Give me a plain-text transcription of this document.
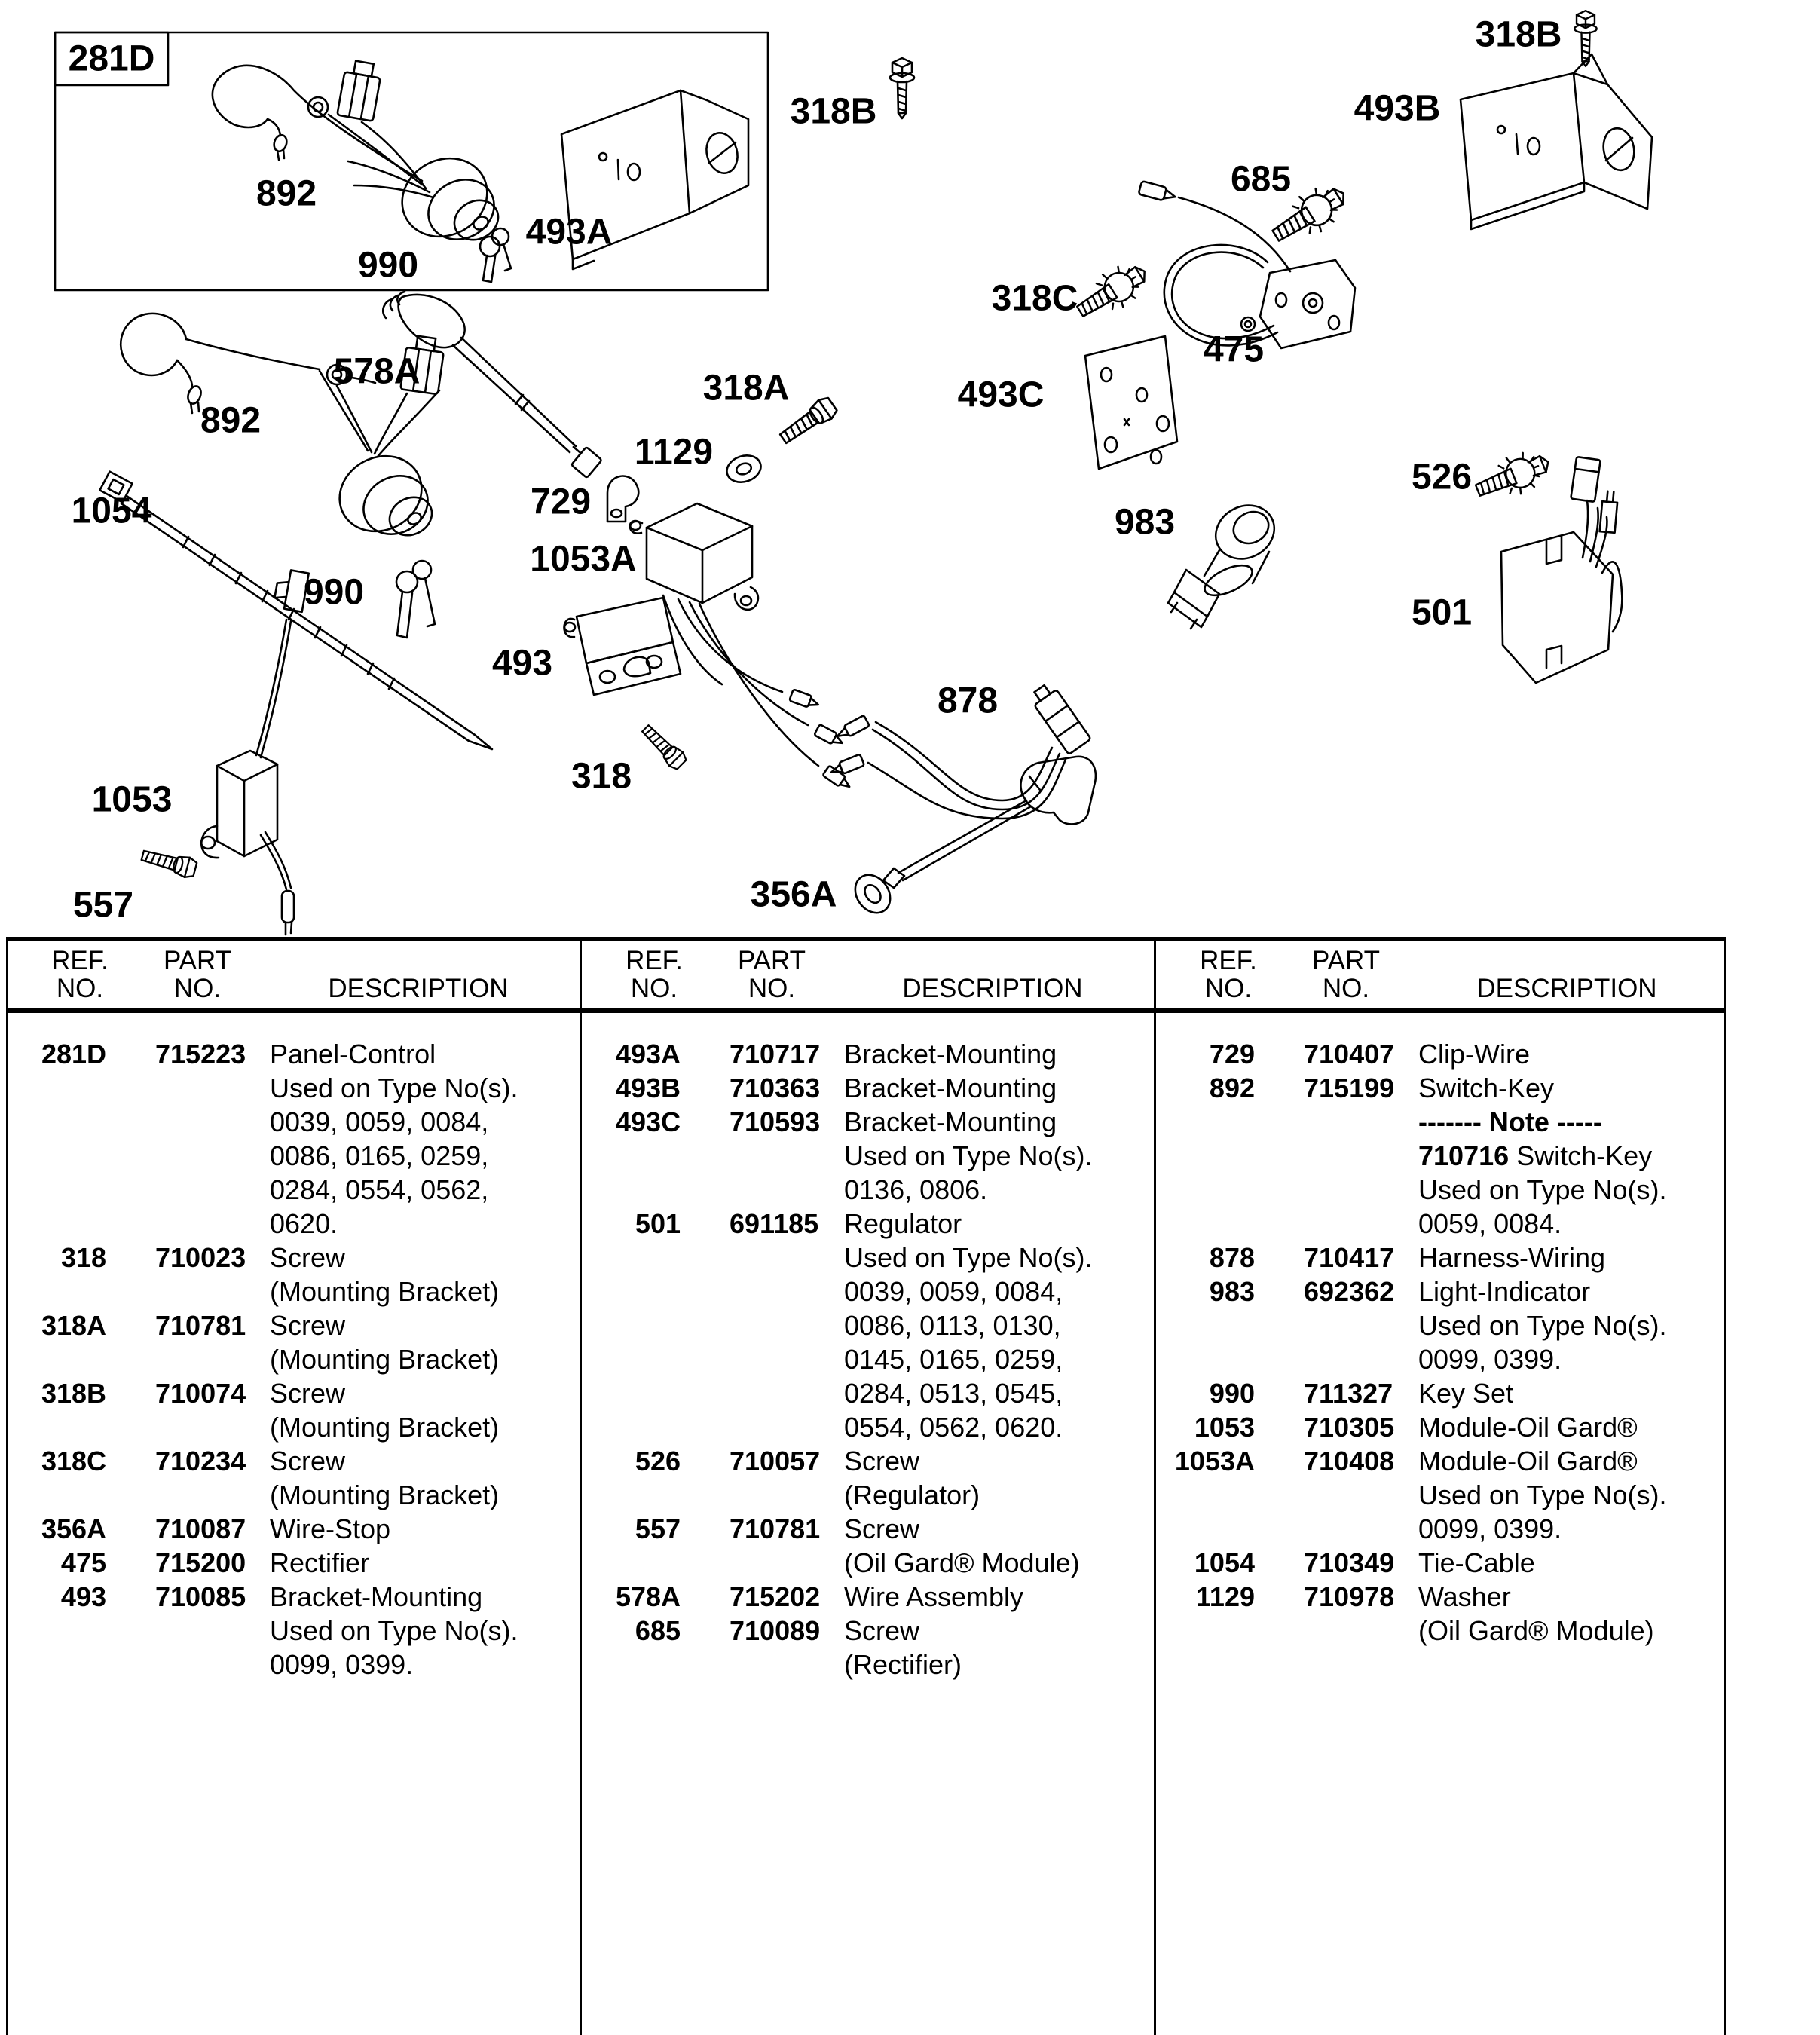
281D
892
990
493A
318B
318B
493B
685
318C
475
493C
578A
892
1054
990
318A
1129
729
1053A
493
318
983
878
526
501
1053
557	356A
REF.
NO.
PART
NO.	DESCRIPTION
REF.
NO.
PART
NO.	DESCRIPTION
REF.
NO.
PART
NO.	DESCRIPTION
281D 715223 Panel-Control
Used on Type No(s).
0039, 0059, 0084,
0086, 0165, 0259,
0284, 0554, 0562,
0620.
318 710023 Screw
(Mounting Bracket)
318A 710781 Screw
(Mounting Bracket)
318B 710074 Screw
(Mounting Bracket)
318C 710234 Screw
(Mounting Bracket)
356A 710087 Wire-Stop
475 715200 Rectifier
493 710085 Bracket-Mounting
Used on Type No(s).
0099, 0399.
493A 710717 Bracket-Mounting
493B 710363 Bracket-Mounting
493C 710593 Bracket-Mounting
Used on Type No(s).
0136, 0806.
501 691185 Regulator
Used on Type No(s).
0039, 0059, 0084,
0086, 0113, 0130,
0145, 0165, 0259,
0284, 0513, 0545,
0554, 0562, 0620.
526 710057 Screw
(Regulator)
557 710781 Screw
(Oil Gard® Module)
578A 715202 Wire Assembly
685 710089 Screw
(Rectifier)
729 710407 Clip-Wire
892 715199 Switch-Key
------- Note -----
710716 Switch-Key
Used on Type No(s).
0059, 0084.
878 710417 Harness-Wiring
983 692362 Light-Indicator
Used on Type No(s).
0099, 0399.
990 711327 Key Set
1053 710305 Module-Oil Gard®
1053A 710408 Module-Oil Gard®
Used on Type No(s).
0099, 0399.
1054 710349 Tie-Cable
1129 710978 Washer
(Oil Gard® Module)
